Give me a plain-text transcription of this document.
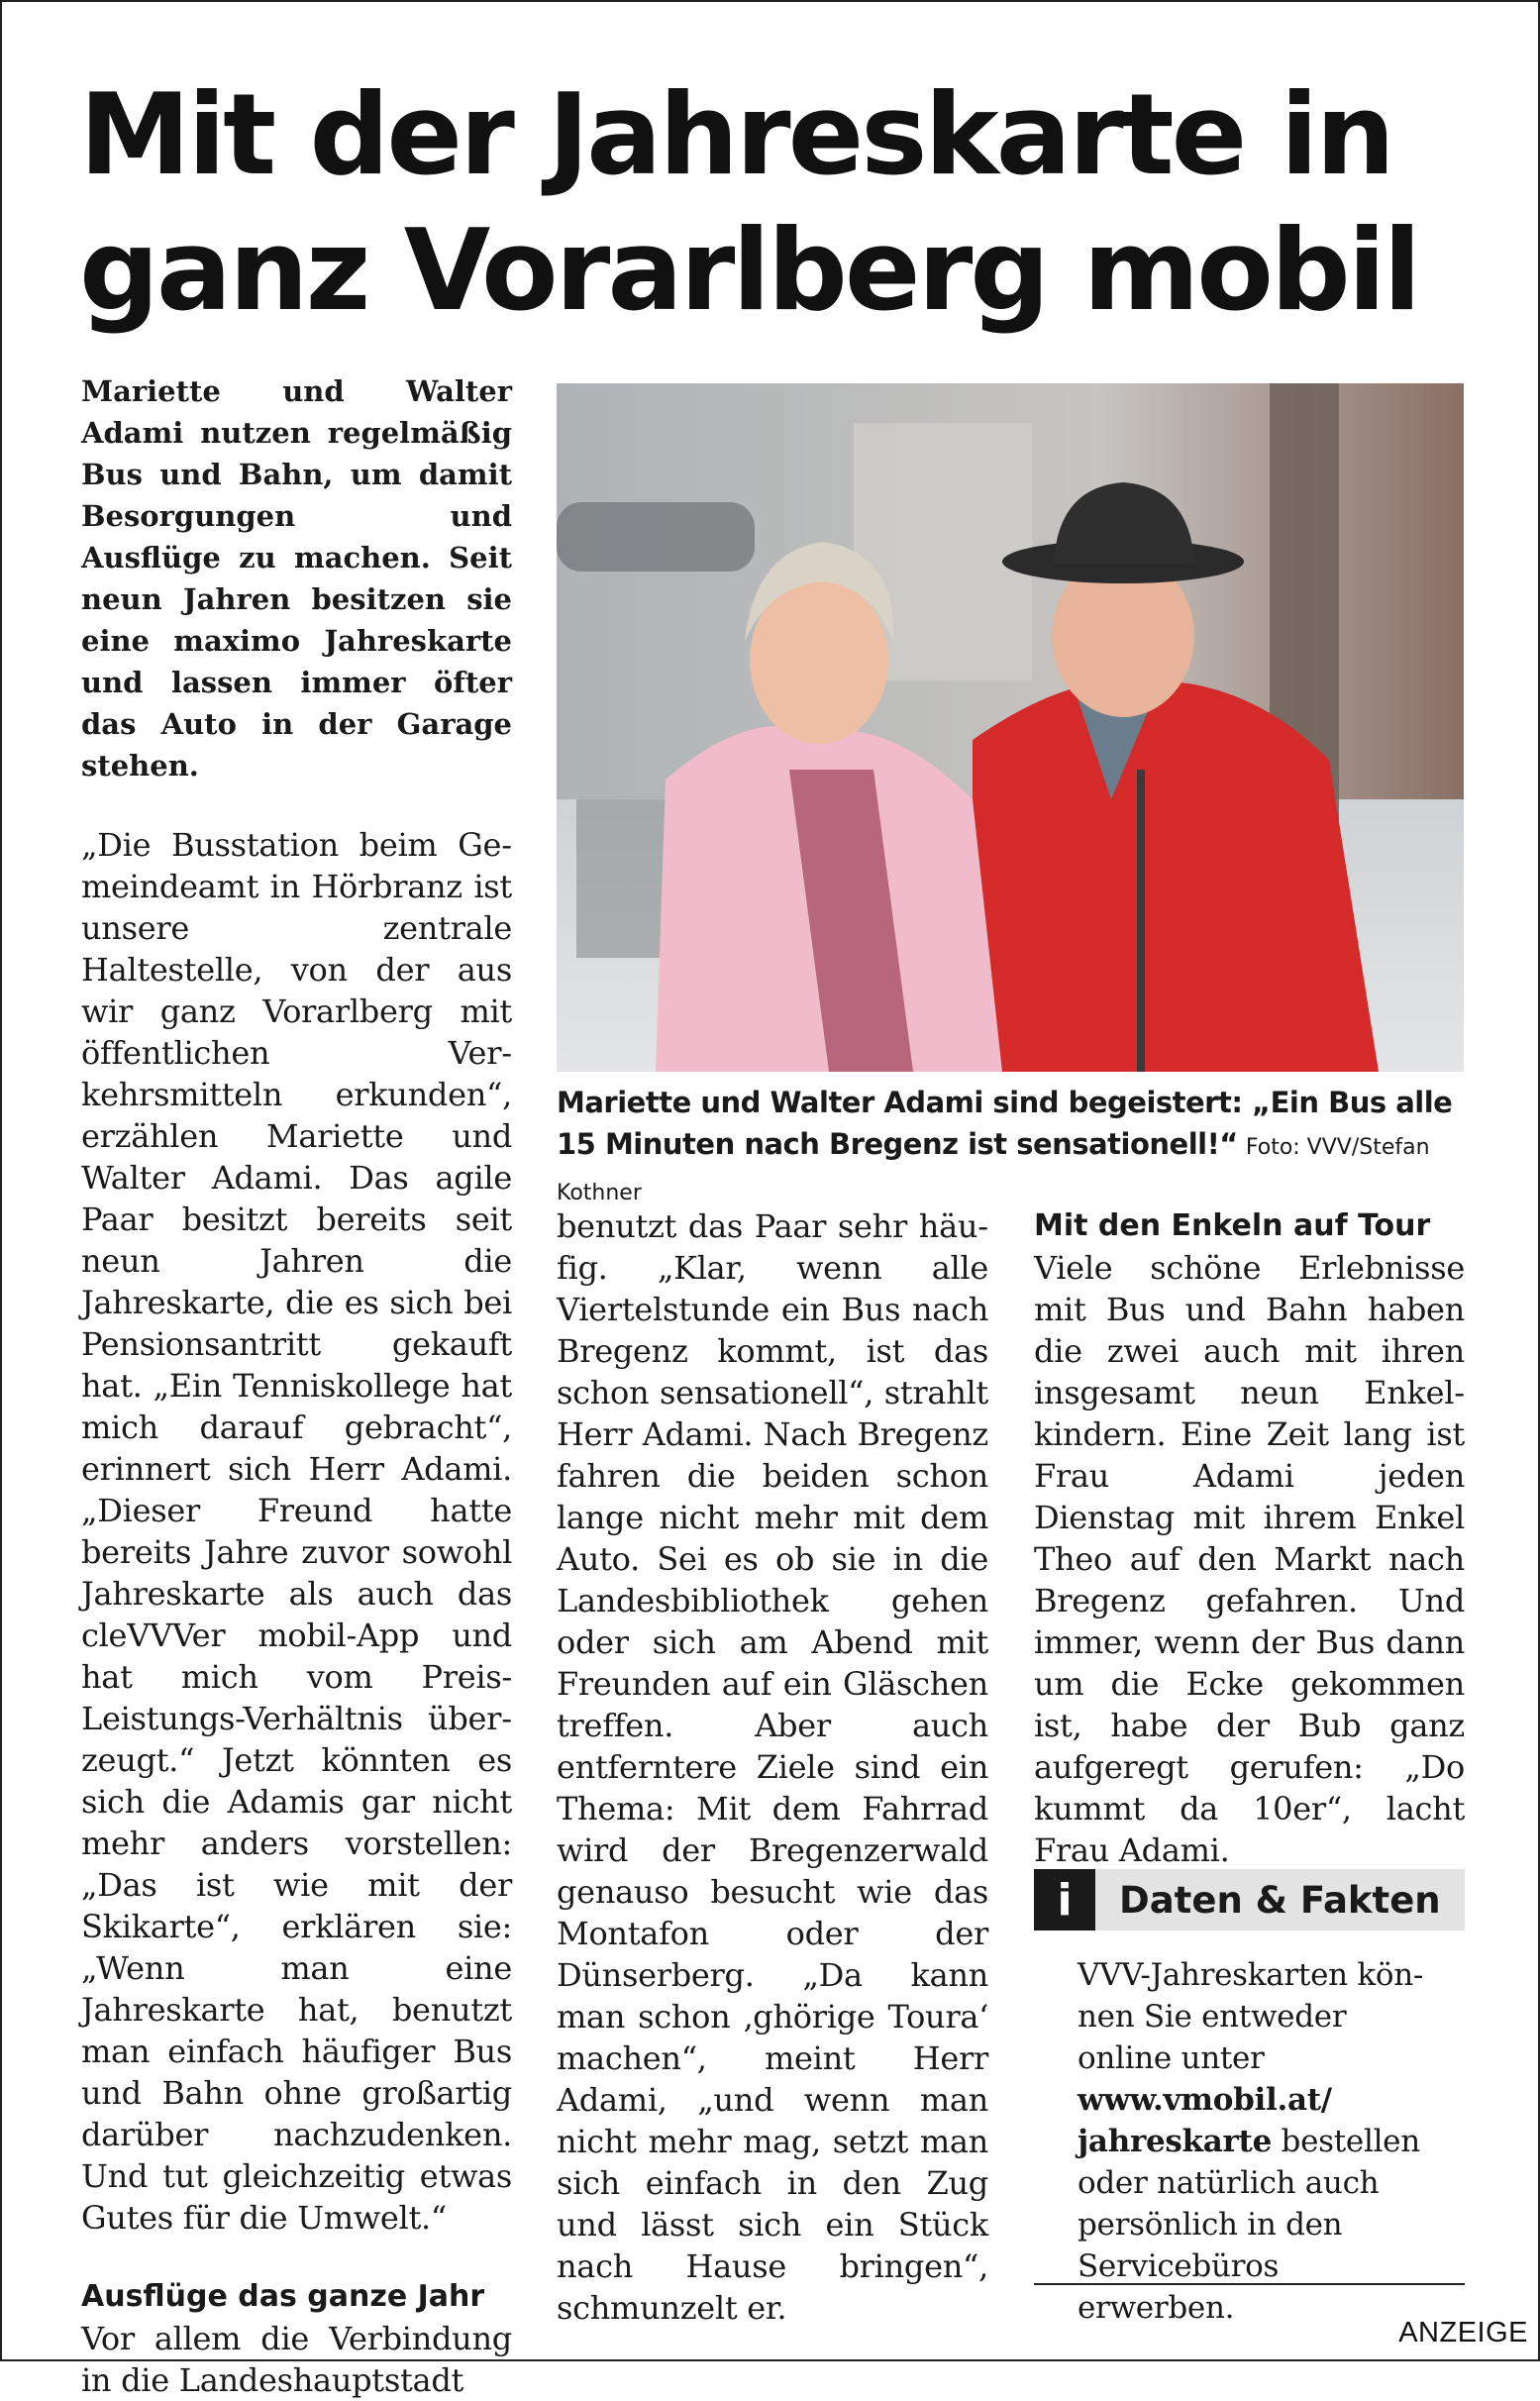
Mit der Jahreskarte in
ganz Vorarlberg mobil

Mariette und Walter Adami nutzen regelmäßig Bus und Bahn, um damit Besorgungen und Ausflüge zu machen. Seit neun Jahren besitzen sie eine maximo Jahreskarte und lassen immer öfter das Auto in der Garage stehen.

„Die Busstation beim Gemeindeamt in Hörbranz ist unsere zentrale Haltestelle, von der aus wir ganz Vorarlberg mit öffentlichen Verkehrsmitteln erkunden“, erzählen Mariette und Walter Adami. Das agile Paar besitzt bereits seit neun Jahren die Jahreskarte, die es sich bei Pensionsantritt gekauft hat. „Ein Tenniskollege hat mich darauf gebracht“, erinnert sich Herr Adami. „Dieser Freund hatte bereits Jahre zuvor sowohl Jahreskarte als auch das cleVVVer mobil-App und hat mich vom Preis-Leistungs-Verhältnis überzeugt.“ Jetzt könnten es sich die Adamis gar nicht mehr anders vorstellen: „Das ist wie mit der Skikarte“, erklären sie: „Wenn man eine Jahreskarte hat, benutzt man einfach häufiger Bus und Bahn ohne großartig darüber nachzudenken. Und tut gleichzeitig etwas Gutes für die Umwelt.“

Ausflüge das ganze Jahr

Vor allem die Verbindung in die Landeshauptstadt

Mariette und Walter Adami sind begeistert: „Ein Bus alle 15 Minuten nach Bregenz ist sensationell!“ Foto: VVV/Stefan Kothner

benutzt das Paar sehr häufig. „Klar, wenn alle Viertelstunde ein Bus nach Bregenz kommt, ist das schon sensationell“, strahlt Herr Adami. Nach Bregenz fahren die beiden schon lange nicht mehr mit dem Auto. Sei es ob sie in die Landesbibliothek gehen oder sich am Abend mit Freunden auf ein Gläschen treffen. Aber auch entferntere Ziele sind ein Thema: Mit dem Fahrrad wird der Bregenzerwald genauso besucht wie das Montafon oder der Dünserberg. „Da kann man schon ‚ghörige Toura‘ machen“, meint Herr Adami, „und wenn man nicht mehr mag, setzt man sich einfach in den Zug und lässt sich ein Stück nach Hause bringen“, schmunzelt er.

Mit den Enkeln auf Tour

Viele schöne Erlebnisse mit Bus und Bahn haben die zwei auch mit ihren insgesamt neun Enkelkindern. Eine Zeit lang ist Frau Adami jeden Dienstag mit ihrem Enkel Theo auf den Markt nach Bregenz gefahren. Und immer, wenn der Bus dann um die Ecke gekommen ist, habe der Bub ganz aufgeregt gerufen: „Do kummt da 10er“, lacht Frau Adami.

i	Daten & Fakten

VVV-Jahreskarten können Sie entweder online unter www.vmobil.at/ jahreskarte bestellen oder natürlich auch persönlich in den Servicebüros erwerben.

ANZEIGE
